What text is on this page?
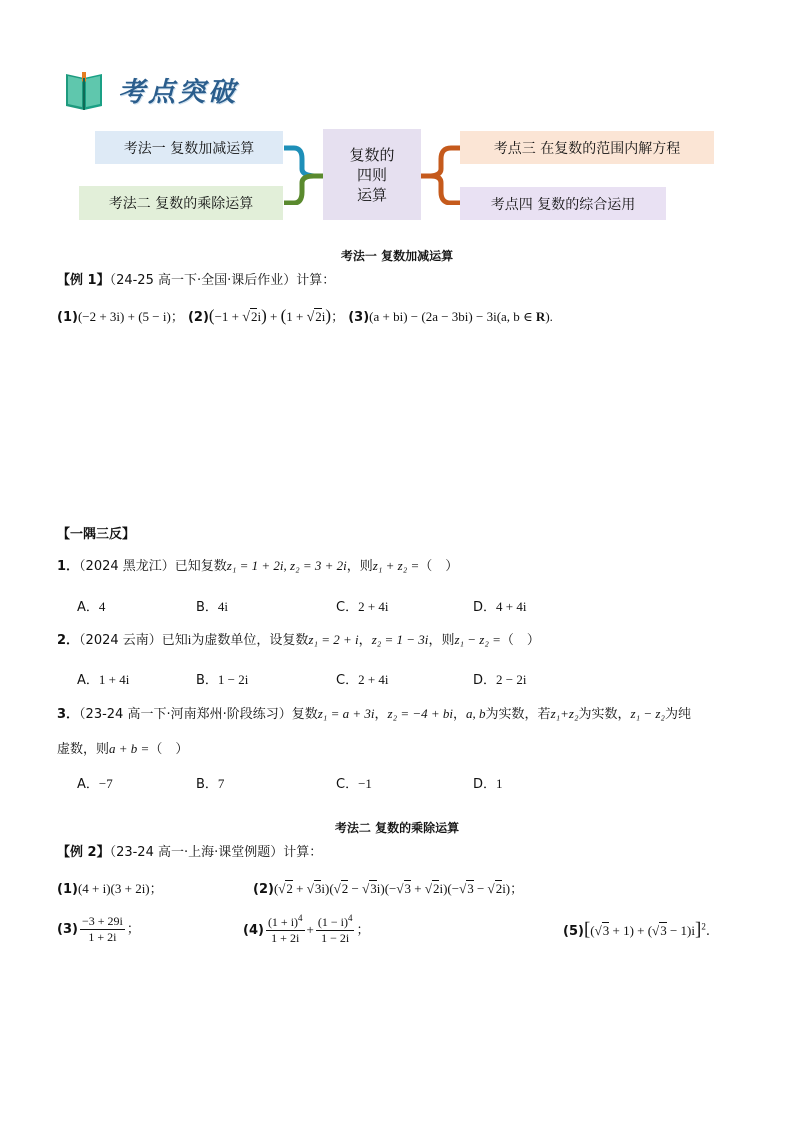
考点突破
考法一 复数加减运算
考法二 复数的乘除运算
复数的
四则
运算
考点三 在复数的范围内解方程
考点四 复数的综合运用
考法一 复数加减运算
【例 1】（24-25 高一下·全国·课后作业）计算：
(1)(−2 + 3i) + (5 − i)； (2)(−1 + √2i) + (1 + √2i)； (3)(a + bi) − (2a − 3bi) − 3i(a, b ∈ R).
【一隅三反】
1．（2024 黑龙江）已知复数z₁ = 1 + 2i, z₂ = 3 + 2i，则z₁ + z₂ =（　）
A．4	B．4i	C．2 + 4i	D．4 + 4i
2．（2024 云南）已知i为虚数单位，设复数z₁ = 2 + i，z₂ = 1 − 3i，则z₁ − z₂ =（　）
A．1 + 4i	B．1 − 2i	C．2 + 4i	D．2 − 2i
3．（23-24 高一下·河南郑州·阶段练习）复数z₁ = a + 3i，z₂ = −4 + bi，a, b为实数，若z₁+z₂为实数，z₁ − z₂为纯
虚数，则a + b =（　）
A．−7	B．7	C．−1	D．1
考法二 复数的乘除运算
【例 2】（23-24 高一·上海·课堂例题）计算：
(1)(4 + i)(3 + 2i)；	(2)(√2 + √3i)(√2 − √3i)(−√3 + √2i)(−√3 − √2i)；
$(3) \frac{-3 + 29i}{1 + 2i}$ ；	$(4) \frac{(1 + i)^4}{1 + 2i} + \frac{(1 - i)^4}{1 - 2i}$ ；	$(5)[(√3 + 1) + (√3 - 1)i]^2$.
